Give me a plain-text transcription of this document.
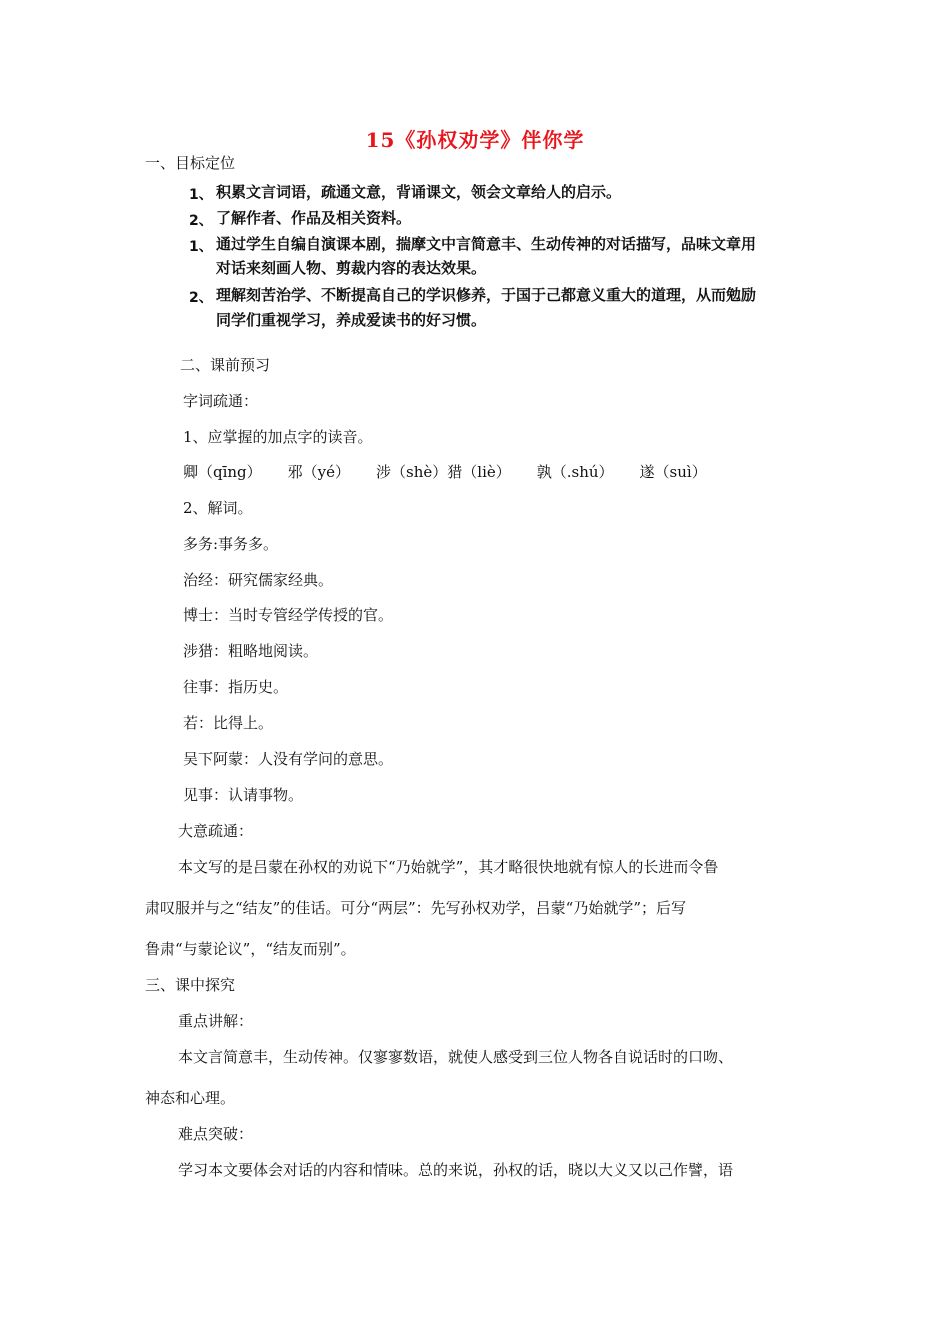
15《孙权劝学》伴你学
一、目标定位
1、 积累文言词语，疏通文意，背诵课文，领会文章给人的启示。
2、 了解作者、作品及相关资料。
1、 通过学生自编自演课本剧，揣摩文中言简意丰、生动传神的对话描写，品味文章用
对话来刻画人物、剪裁内容的表达效果。
2、 理解刻苦治学、不断提高自己的学识修养，于国于己都意义重大的道理，从而勉励
同学们重视学习，养成爱读书的好习惯。
二、课前预习
字词疏通：
1、应掌握的加点字的读音。
卿（qīng） 邪（yé） 涉（shè）猎（liè） 孰（.shú） 遂（suì）
2、解词。
多务:事务多。
治经：研究儒家经典。
博士：当时专管经学传授的官。
涉猎：粗略地阅读。
往事：指历史。
若：比得上。
吴下阿蒙：人没有学问的意思。
见事：认请事物。
大意疏通：
本文写的是吕蒙在孙权的劝说下“乃始就学”，其才略很快地就有惊人的长进而令鲁
肃叹服并与之“结友”的佳话。可分“两层”：先写孙权劝学，吕蒙“乃始就学”；后写
鲁肃“与蒙论议”，“结友而别”。
三、课中探究
重点讲解：
本文言简意丰，生动传神。仅寥寥数语，就使人感受到三位人物各自说话时的口吻、
神态和心理。
难点突破：
学习本文要体会对话的内容和情味。总的来说，孙权的话，晓以大义又以己作譬，语
